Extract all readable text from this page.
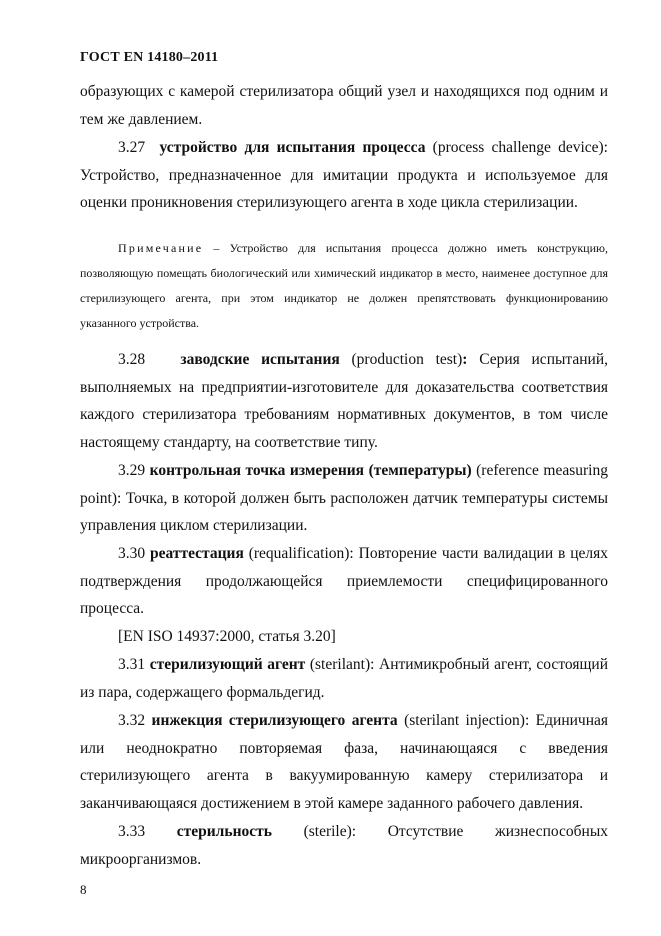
ГОСТ EN 14180–2011

образующих с камерой стерилизатора общий узел и находящихся под одним и тем же давлением.

3.27 устройство для испытания процесса (process challenge device): Устройство, предназначенное для имитации продукта и используемое для оценки проникновения стерилизующего агента в ходе цикла стерилизации.

Примечание – Устройство для испытания процесса должно иметь конструкцию, позволяющую помещать биологический или химический индикатор в место, наименее доступное для стерилизующего агента, при этом индикатор не должен препятствовать функционированию указанного устройства.

3.28 заводские испытания (production test): Серия испытаний, выполняемых на предприятии-изготовителе для доказательства соответствия каждого стерилизатора требованиям нормативных документов, в том числе настоящему стандарту, на соответствие типу.

3.29 контрольная точка измерения (температуры) (reference measuring point): Точка, в которой должен быть расположен датчик температуры системы управления циклом стерилизации.

3.30 реаттестация (requalification): Повторение части валидации в целях подтверждения продолжающейся приемлемости специфицированного процесса.

[EN ISO 14937:2000, статья 3.20]

3.31 стерилизующий агент (sterilant): Антимикробный агент, состоящий из пара, содержащего формальдегид.

3.32 инжекция стерилизующего агента (sterilant injection): Единичная или неоднократно повторяемая фаза, начинающаяся с введения стерилизующего агента в вакуумированную камеру стерилизатора и заканчивающаяся достижением в этой камере заданного рабочего давления.

3.33 стерильность (sterile): Отсутствие жизнеспособных микроорганизмов.

8
